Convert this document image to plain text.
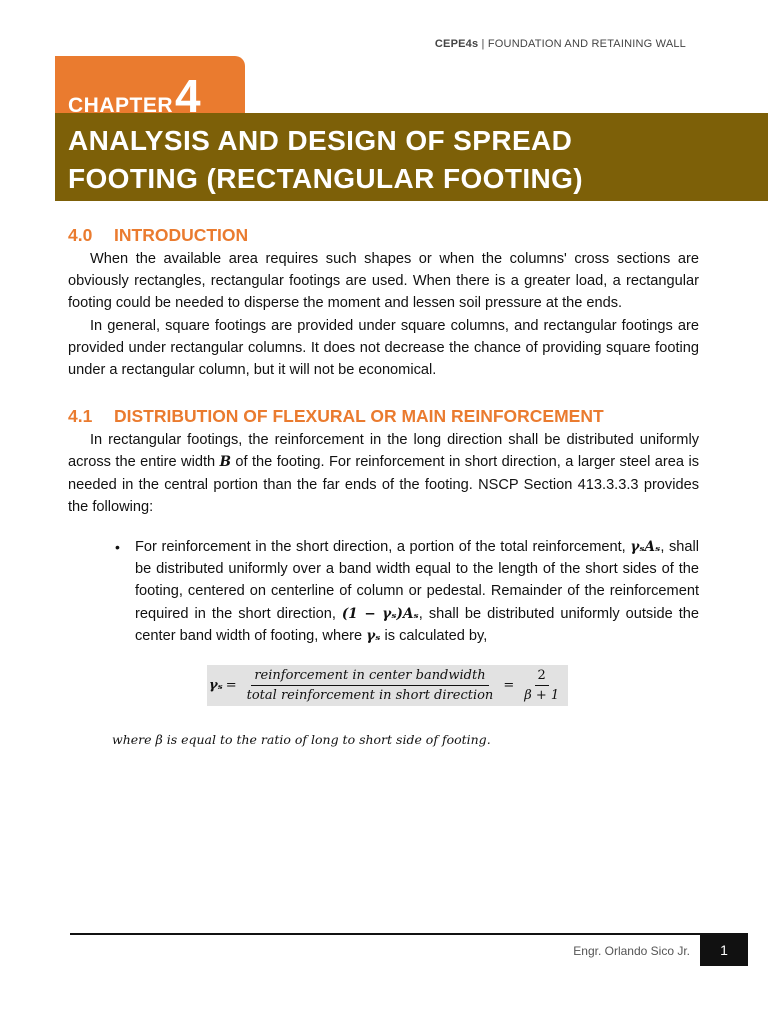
CEPE4s | FOUNDATION AND RETAINING WALL
CHAPTER4
ANALYSIS AND DESIGN OF SPREAD
FOOTING (RECTANGULAR FOOTING)
4.0 INTRODUCTION

When the available area requires such shapes or when the columns' cross sections are obviously rectangles, rectangular footings are used. When there is a greater load, a rectangular footing could be needed to disperse the moment and lessen soil pressure at the ends.

In general, square footings are provided under square columns, and rectangular footings are provided under rectangular columns. It does not decrease the chance of providing square footing under a rectangular column, but it will not be economical.

4.1 DISTRIBUTION OF FLEXURAL OR MAIN REINFORCEMENT

In rectangular footings, the reinforcement in the long direction shall be distributed uniformly across the entire width B of the footing. For reinforcement in short direction, a larger steel area is needed in the central portion than the far ends of the footing. NSCP Section 413.3.3.3 provides the following:

• For reinforcement in the short direction, a portion of the total reinforcement, γₛAₛ, shall be distributed uniformly over a band width equal to the length of the short sides of the footing, centered on centerline of column or pedestal. Remainder of the reinforcement required in the short direction, (1 − γₛ)Aₛ, shall be distributed uniformly outside the center band width of footing, where γₛ is calculated by,
$\gamma_s = \frac{\text{reinforcement in center bandwidth}}{\text{total reinforcement in short direction}} = \frac{2}{\beta + 1}$
where β is equal to the ratio of long to short side of footing.
Engr. Orlando Sico Jr.	1
